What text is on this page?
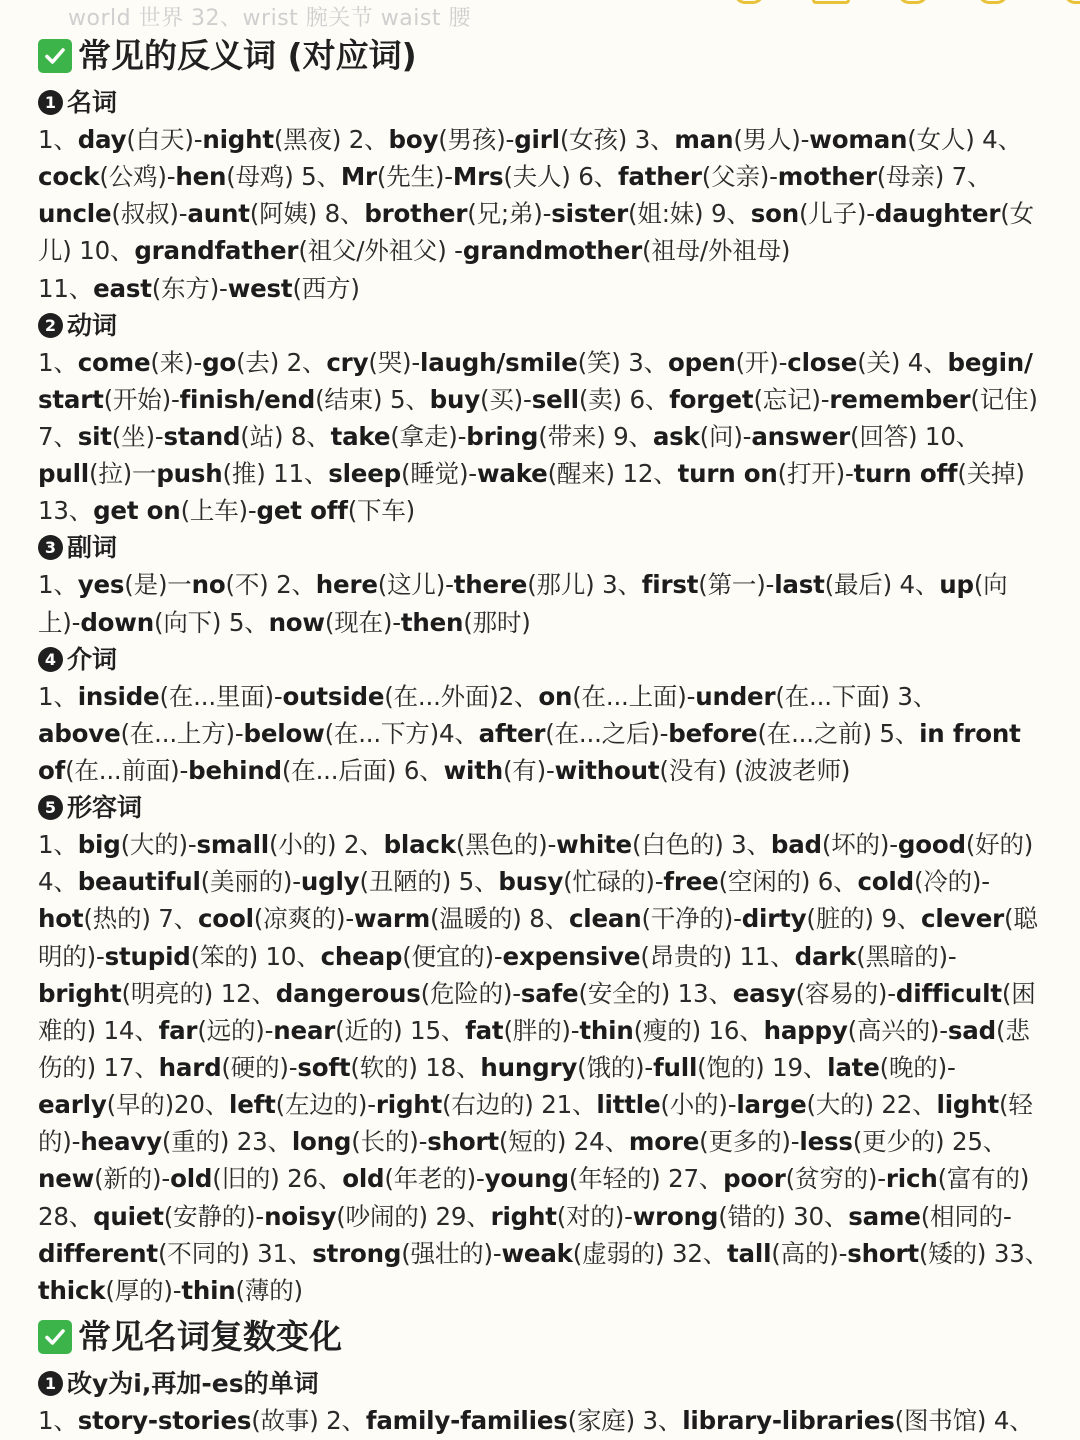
world 世界 32、wrist 腕关节 waist 腰
常见的反义词 (对应词)
1 名词
1、day(白天)-night(黑夜) 2、boy(男孩)-girl(女孩) 3、man(男人)-woman(女人) 4、
cock(公鸡)-hen(母鸡) 5、Mr(先生)-Mrs(夫人) 6、father(父亲)-mother(母亲) 7、
uncle(叔叔)-aunt(阿姨) 8、brother(兄;弟)-sister(姐:妹) 9、son(儿子)-daughter(女
儿) 10、grandfather(祖父/外祖父) -grandmother(祖母/外祖母)
11、east(东方)-west(西方)
2 动词
1、come(来)-go(去) 2、cry(哭)-laugh/smile(笑) 3、open(开)-close(关) 4、begin/
start(开始)-finish/end(结束) 5、buy(买)-sell(卖) 6、forget(忘记)-remember(记住)
7、sit(坐)-stand(站) 8、take(拿走)-bring(带来) 9、ask(问)-answer(回答) 10、
pull(拉)一push(推) 11、sleep(睡觉)-wake(醒来) 12、turn on(打开)-turn off(关掉)
13、get on(上车)-get off(下车)
3 副词
1、yes(是)一no(不) 2、here(这儿)-there(那儿) 3、first(第一)-last(最后) 4、up(向
上)-down(向下) 5、now(现在)-then(那时)
4 介词
1、inside(在...里面)-outside(在...外面)2、on(在...上面)-under(在...下面) 3、
above(在...上方)-below(在...下方)4、after(在...之后)-before(在...之前) 5、in front
of(在...前面)-behind(在...后面) 6、with(有)-without(没有) (波波老师)
5 形容词
1、big(大的)-small(小的) 2、black(黑色的)-white(白色的) 3、bad(坏的)-good(好的)
4、beautiful(美丽的)-ugly(丑陋的) 5、busy(忙碌的)-free(空闲的) 6、cold(冷的)-
hot(热的) 7、cool(凉爽的)-warm(温暖的) 8、clean(干净的)-dirty(脏的) 9、clever(聪
明的)-stupid(笨的) 10、cheap(便宜的)-expensive(昂贵的) 11、dark(黑暗的)-
bright(明亮的) 12、dangerous(危险的)-safe(安全的) 13、easy(容易的)-difficult(困
难的) 14、far(远的)-near(近的) 15、fat(胖的)-thin(瘦的) 16、happy(高兴的)-sad(悲
伤的) 17、hard(硬的)-soft(软的) 18、hungry(饿的)-full(饱的) 19、late(晚的)-
early(早的)20、left(左边的)-right(右边的) 21、little(小的)-large(大的) 22、light(轻
的)-heavy(重的) 23、long(长的)-short(短的) 24、more(更多的)-less(更少的) 25、
new(新的)-old(旧的) 26、old(年老的)-young(年轻的) 27、poor(贫穷的)-rich(富有的)
28、quiet(安静的)-noisy(吵闹的) 29、right(对的)-wrong(错的) 30、same(相同的-
different(不同的) 31、strong(强壮的)-weak(虚弱的) 32、tall(高的)-short(矮的) 33、
thick(厚的)-thin(薄的)
常见名词复数变化
1 改y为i,再加-es的单词
1、story-stories(故事) 2、family-families(家庭) 3、library-libraries(图书馆) 4、
